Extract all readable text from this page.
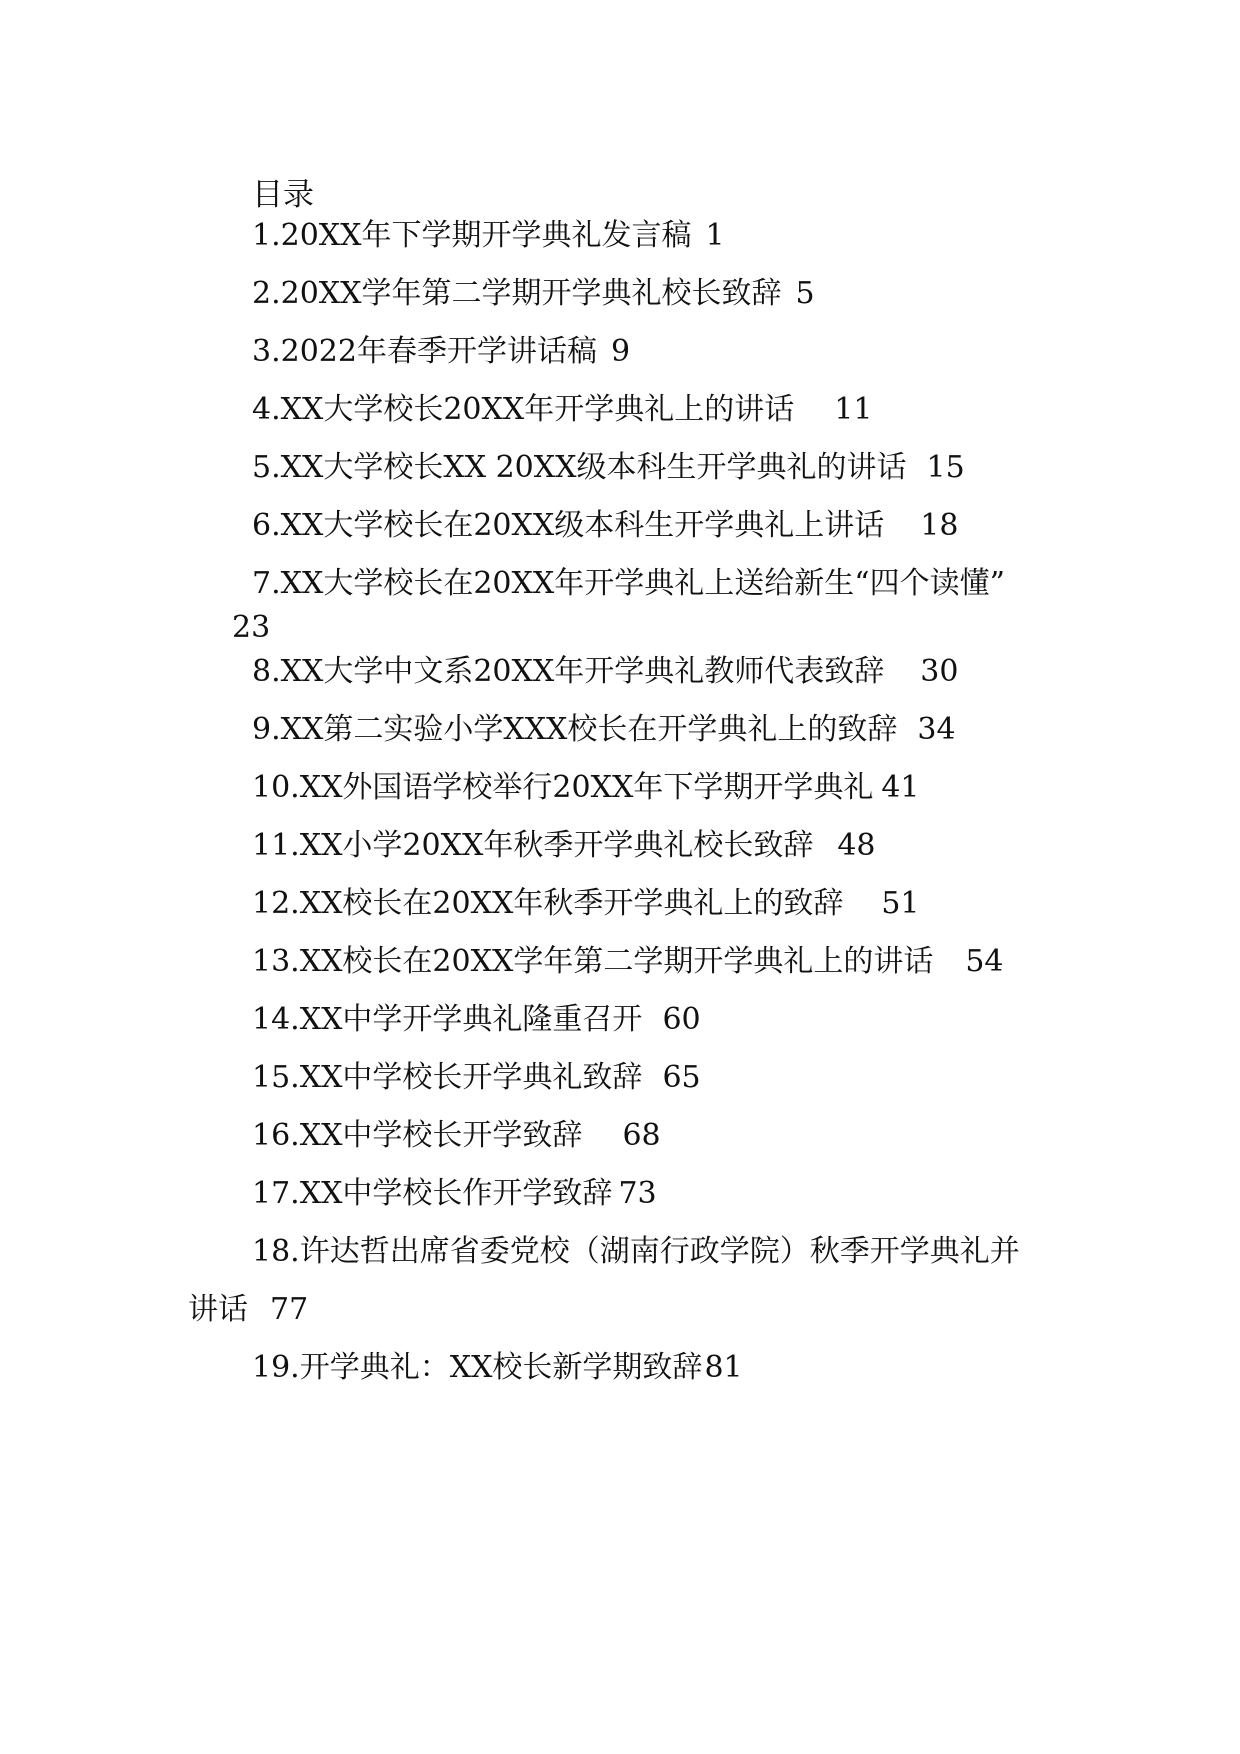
目录
1.20XX年下学期开学典礼发言稿 1
2.20XX学年第二学期开学典礼校长致辞 5
3.2022年春季开学讲话稿 9
4.XX大学校长20XX年开学典礼上的讲话 11
5.XX大学校长XX 20XX级本科生开学典礼的讲话 15
6.XX大学校长在20XX级本科生开学典礼上讲话 18
7.XX大学校长在20XX年开学典礼上送给新生“四个读懂”
23
8.XX大学中文系20XX年开学典礼教师代表致辞 30
9.XX第二实验小学XXX校长在开学典礼上的致辞 34
10.XX外国语学校举行20XX年下学期开学典礼 41
11.XX小学20XX年秋季开学典礼校长致辞 48
12.XX校长在20XX年秋季开学典礼上的致辞 51
13.XX校长在20XX学年第二学期开学典礼上的讲话 54
14.XX中学开学典礼隆重召开 60
15.XX中学校长开学典礼致辞 65
16.XX中学校长开学致辞 68
17.XX中学校长作开学致辞 73
18.许达哲出席省委党校（湖南行政学院）秋季开学典礼并
讲话 77
19.开学典礼：XX校长新学期致辞81
